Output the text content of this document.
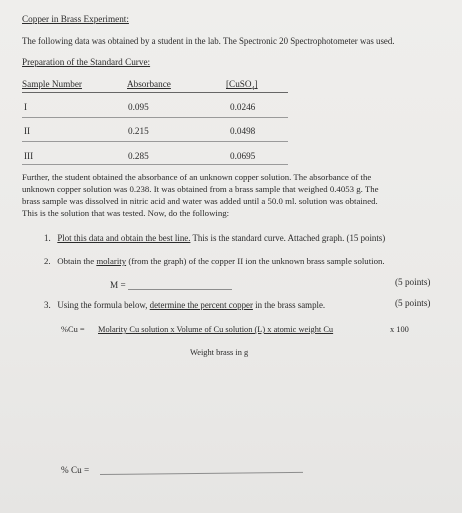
Copper in Brass Experiment:
The following data was obtained by a student in the lab. The Spectronic 20 Spectrophotometer was used.
Preparation of the Standard Curve:
Sample Number	Absorbance	[CuSO$_4$]
I	0.095	0.0246
II	0.215	0.0498
III	0.285	0.0695
Further, the student obtained the absorbance of an unknown copper solution. The absorbance of the
unknown copper solution was 0.238. It was obtained from a brass sample that weighed 0.4053 g. The
brass sample was dissolved in nitric acid and water was added until a 50.0 ml. solution was obtained.
This is the solution that was tested. Now, do the following:
1. Plot this data and obtain the best line. This is the standard curve. Attached graph. (15 points)
2. Obtain the molarity (from the graph) of the copper II ion the unknown brass sample solution.
M =	(5 points)
3. Using the formula below, determine the percent copper in the brass sample.	(5 points)
%Cu = Molarity Cu solution x Volume of Cu solution (L) x atomic weight Cu	x 100
Weight brass in g
% Cu =
